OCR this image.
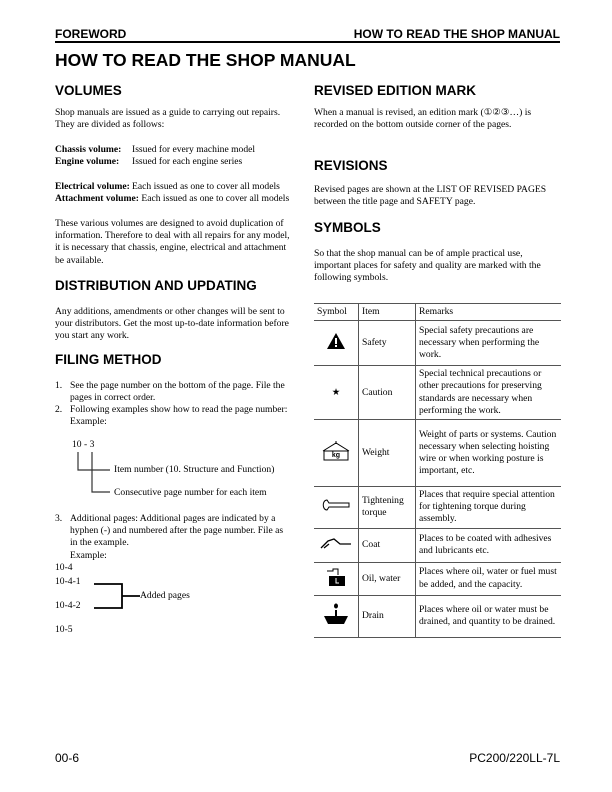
FOREWORD	HOW TO READ THE SHOP MANUAL
HOW TO READ THE SHOP MANUAL
VOLUMES
Shop manuals are issued as a guide to carrying out repairs.
They are divided as follows:
Chassis volume: Issued for every machine model
Engine volume: Issued for each engine series
Electrical volume: Each issued as one to cover all models
Attachment volume: Each issued as one to cover all models
These various volumes are designed to avoid duplication of
information. Therefore to deal with all repairs for any model,
it is necessary that chassis, engine, electrical and attachment
be available.
DISTRIBUTION AND UPDATING
Any additions, amendments or other changes will be sent to
your distributors. Get the most up-to-date information before
you start any work.
FILING METHOD
1. See the page number on the bottom of the page. File the
pages in correct order.
2. Following examples show how to read the page number:
Example:
10 - 3
Item number (10. Structure and Function)
Consecutive page number for each item
3. Additional pages: Additional pages are indicated by a
hyphen (-) and numbered after the page number. File as
in the example.
Example:
10-4
10-4-1
10-4-2
10-5
Added pages
REVISED EDITION MARK
When a manual is revised, an edition mark (①②③…) is
recorded on the bottom outside corner of the pages.
REVISIONS
Revised pages are shown at the LIST OF REVISED PAGES
between the title page and SAFETY page.
SYMBOLS
So that the shop manual can be of ample practical use,
important places for safety and quality are marked with the
following symbols.
Symbol	Item	Remarks
	Safety	Special safety precautions are necessary when performing the work.
★	Caution	Special technical precautions or other precautions for preserving standards are necessary when performing the work.

kg	Weight	Weight of parts or systems. Caution necessary when selecting hoisting wire or when working posture is important, etc.
	Tightening torque	Places that require special attention for tightening torque during assembly.
	Coat	Places to be coated with adhesives and lubricants etc.
	Oil, water	Places where oil, water or fuel must be added, and the capacity.
	Drain	Places where oil or water must be drained, and quantity to be drained.
00-6	PC200/220LL-7L
